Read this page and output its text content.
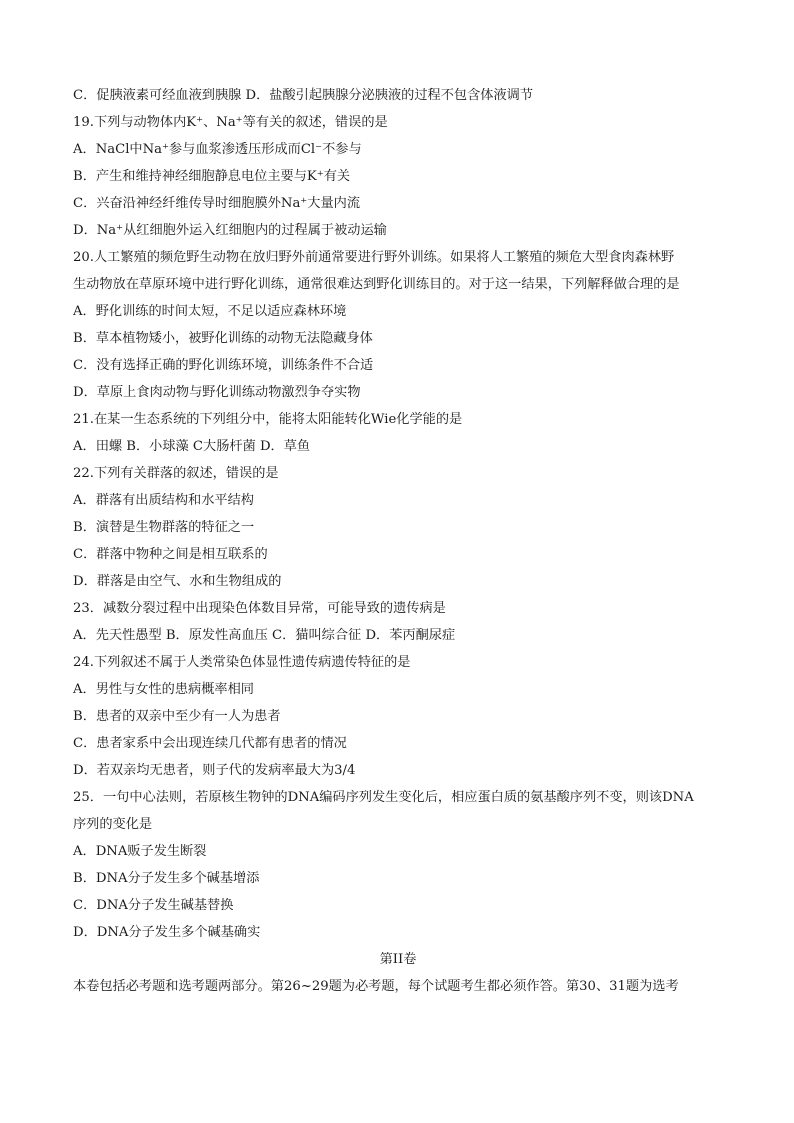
C．促胰液素可经血液到胰腺 D．盐酸引起胰腺分泌胰液的过程不包含体液调节
19.下列与动物体内K⁺、Na⁺等有关的叙述，错误的是
A．NaCl中Na⁺参与血浆渗透压形成而Cl⁻不参与
B．产生和维持神经细胞静息电位主要与K⁺有关
C．兴奋沿神经纤维传导时细胞膜外Na⁺大量内流
D．Na⁺从红细胞外运入红细胞内的过程属于被动运输
20.人工繁殖的频危野生动物在放归野外前通常要进行野外训练。如果将人工繁殖的频危大型食肉森林野
生动物放在草原环境中进行野化训练，通常很难达到野化训练目的。对于这一结果，下列解释做合理的是
A．野化训练的时间太短，不足以适应森林环境
B．草本植物矮小，被野化训练的动物无法隐藏身体
C．没有选择正确的野化训练环境，训练条件不合适
D．草原上食肉动物与野化训练动物激烈争夺实物
21.在某一生态系统的下列组分中，能将太阳能转化Wie化学能的是
A．田螺 B．小球藻 C大肠杆菌 D．草鱼
22.下列有关群落的叙述，错误的是
A．群落有出质结构和水平结构
B．演替是生物群落的特征之一
C．群落中物种之间是相互联系的
D．群落是由空气、水和生物组成的
23．减数分裂过程中出现染色体数目异常，可能导致的遗传病是
A．先天性愚型 B．原发性高血压 C．猫叫综合征 D．苯丙酮尿症
24.下列叙述不属于人类常染色体显性遗传病遗传特征的是
A．男性与女性的患病概率相同
B．患者的双亲中至少有一人为患者
C．患者家系中会出现连续几代都有患者的情况
D．若双亲均无患者，则子代的发病率最大为3/4
25．一句中心法则，若原核生物钟的DNA编码序列发生变化后，相应蛋白质的氨基酸序列不变，则该DNA
序列的变化是
A．DNA贩子发生断裂
B．DNA分子发生多个碱基增添
C．DNA分子发生碱基替换
D．DNA分子发生多个碱基确实
第II卷
本卷包括必考题和选考题两部分。第26~29题为必考题，每个试题考生都必须作答。第30、31题为选考
